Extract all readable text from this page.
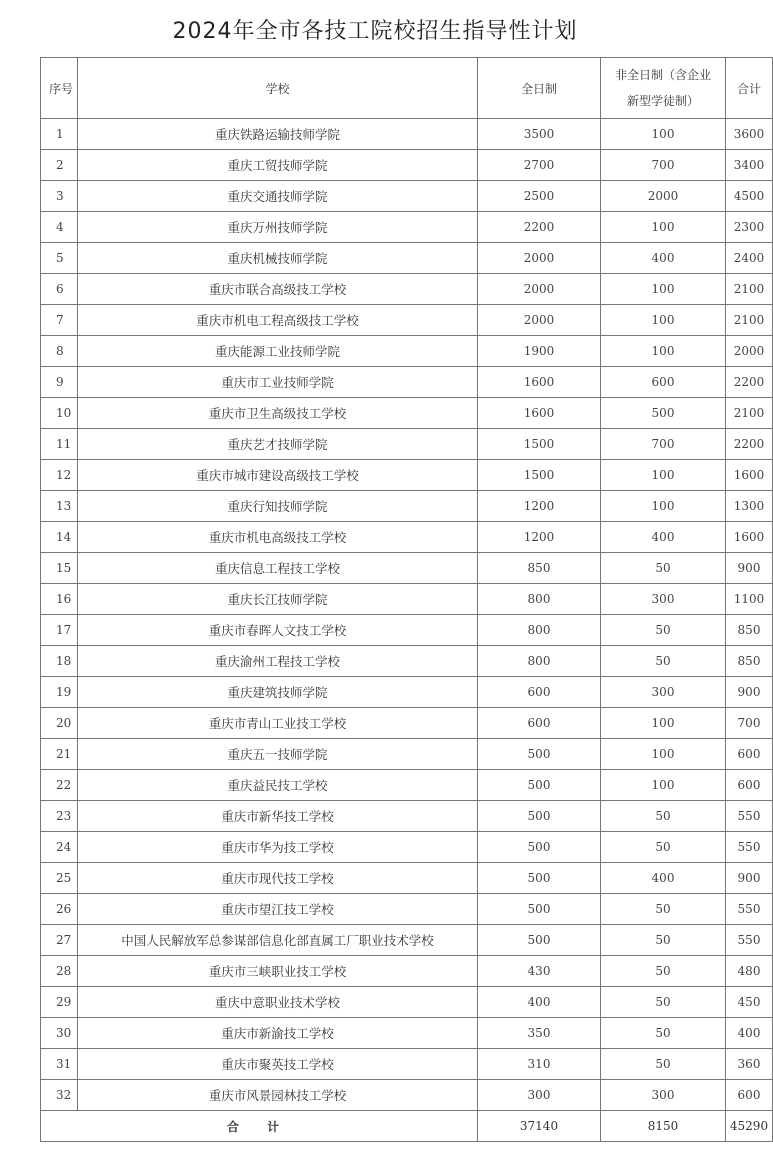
2024年全市各技工院校招生指导性计划
序号	学校	全日制	非全日制（含企业
新型学徒制）	合计
1	重庆铁路运输技师学院	3500	100	3600
2	重庆工贸技师学院	2700	700	3400
3	重庆交通技师学院	2500	2000	4500
4	重庆万州技师学院	2200	100	2300
5	重庆机械技师学院	2000	400	2400
6	重庆市联合高级技工学校	2000	100	2100
7	重庆市机电工程高级技工学校	2000	100	2100
8	重庆能源工业技师学院	1900	100	2000
9	重庆市工业技师学院	1600	600	2200
10	重庆市卫生高级技工学校	1600	500	2100
11	重庆艺才技师学院	1500	700	2200
12	重庆市城市建设高级技工学校	1500	100	1600
13	重庆行知技师学院	1200	100	1300
14	重庆市机电高级技工学校	1200	400	1600
15	重庆信息工程技工学校	850	50	900
16	重庆长江技师学院	800	300	1100
17	重庆市春晖人文技工学校	800	50	850
18	重庆渝州工程技工学校	800	50	850
19	重庆建筑技师学院	600	300	900
20	重庆市青山工业技工学校	600	100	700
21	重庆五一技师学院	500	100	600
22	重庆益民技工学校	500	100	600
23	重庆市新华技工学校	500	50	550
24	重庆市华为技工学校	500	50	550
25	重庆市现代技工学校	500	400	900
26	重庆市望江技工学校	500	50	550
27	中国人民解放军总参谋部信息化部直属工厂职业技术学校	500	50	550
28	重庆市三峡职业技工学校	430	50	480
29	重庆中意职业技术学校	400	50	450
30	重庆市新渝技工学校	350	50	400
31	重庆市聚英技工学校	310	50	360
32	重庆市风景园林技工学校	300	300	600
合 计		37140	8150	45290
